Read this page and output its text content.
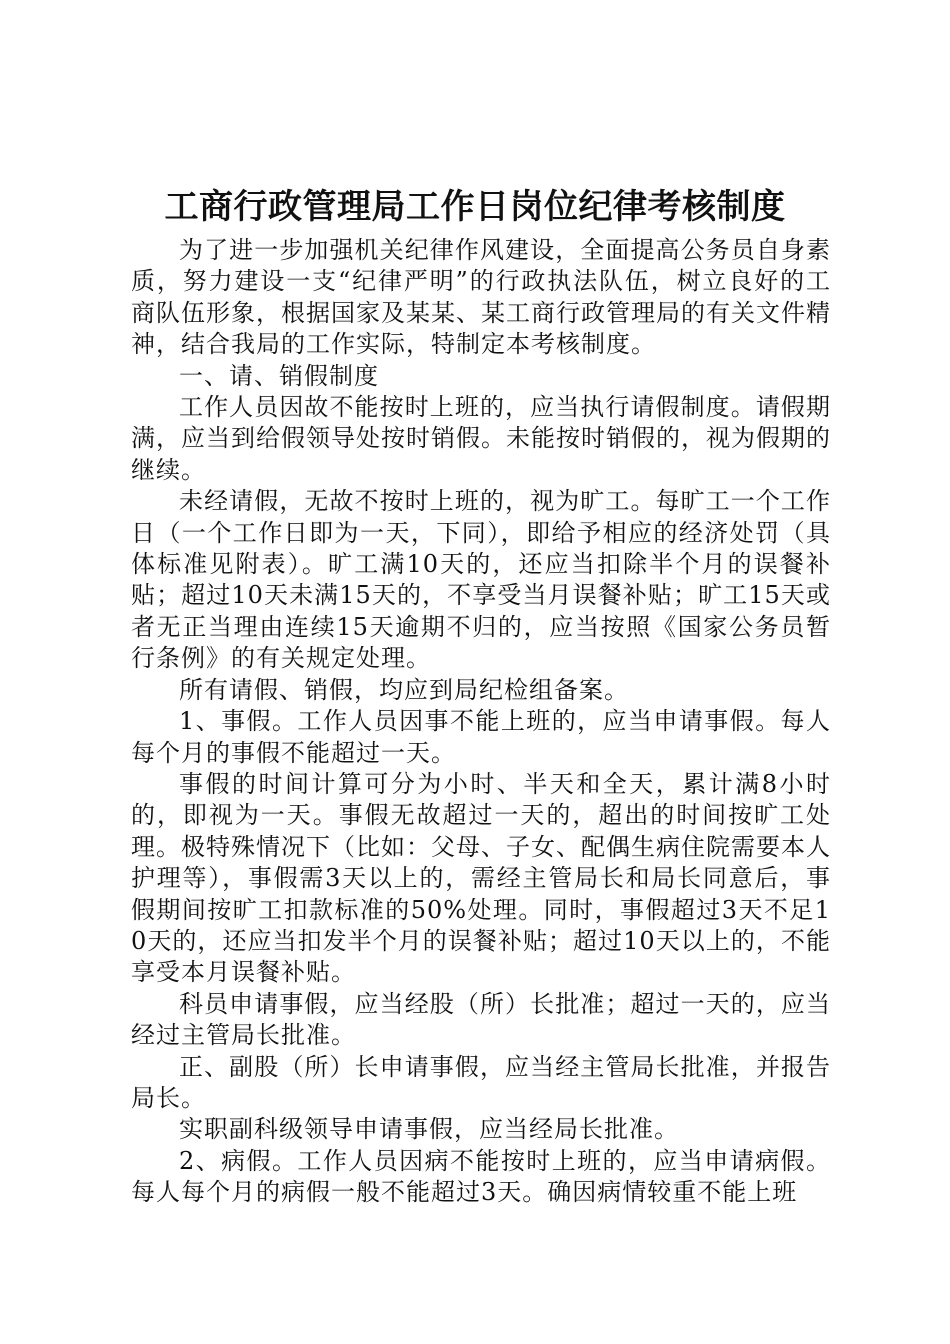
工商行政管理局工作日岗位纪律考核制度

为了进一步加强机关纪律作风建设，全面提高公务员自身素质，努力建设一支“纪律严明”的行政执法队伍，树立良好的工商队伍形象，根据国家及某某、某工商行政管理局的有关文件精神，结合我局的工作实际，特制定本考核制度。

一、请、销假制度

工作人员因故不能按时上班的，应当执行请假制度。请假期满，应当到给假领导处按时销假。未能按时销假的，视为假期的继续。

未经请假，无故不按时上班的，视为旷工。每旷工一个工作日（一个工作日即为一天，下同），即给予相应的经济处罚（具体标准见附表）。旷工满10天的，还应当扣除半个月的误餐补贴；超过10天未满15天的，不享受当月误餐补贴；旷工15天或者无正当理由连续15天逾期不归的，应当按照《国家公务员暂行条例》的有关规定处理。

所有请假、销假，均应到局纪检组备案。

1、事假。工作人员因事不能上班的，应当申请事假。每人每个月的事假不能超过一天。

事假的时间计算可分为小时、半天和全天，累计满8小时的，即视为一天。事假无故超过一天的，超出的时间按旷工处理。极特殊情况下（比如：父母、子女、配偶生病住院需要本人护理等），事假需3天以上的，需经主管局长和局长同意后，事假期间按旷工扣款标准的50%处理。同时，事假超过3天不足10天的，还应当扣发半个月的误餐补贴；超过10天以上的，不能享受本月误餐补贴。

科员申请事假，应当经股（所）长批准；超过一天的，应当经过主管局长批准。

正、副股（所）长申请事假，应当经主管局长批准，并报告局长。

实职副科级领导申请事假，应当经局长批准。

2、病假。工作人员因病不能按时上班的，应当申请病假。每人每个月的病假一般不能超过3天。确因病情较重不能上班
